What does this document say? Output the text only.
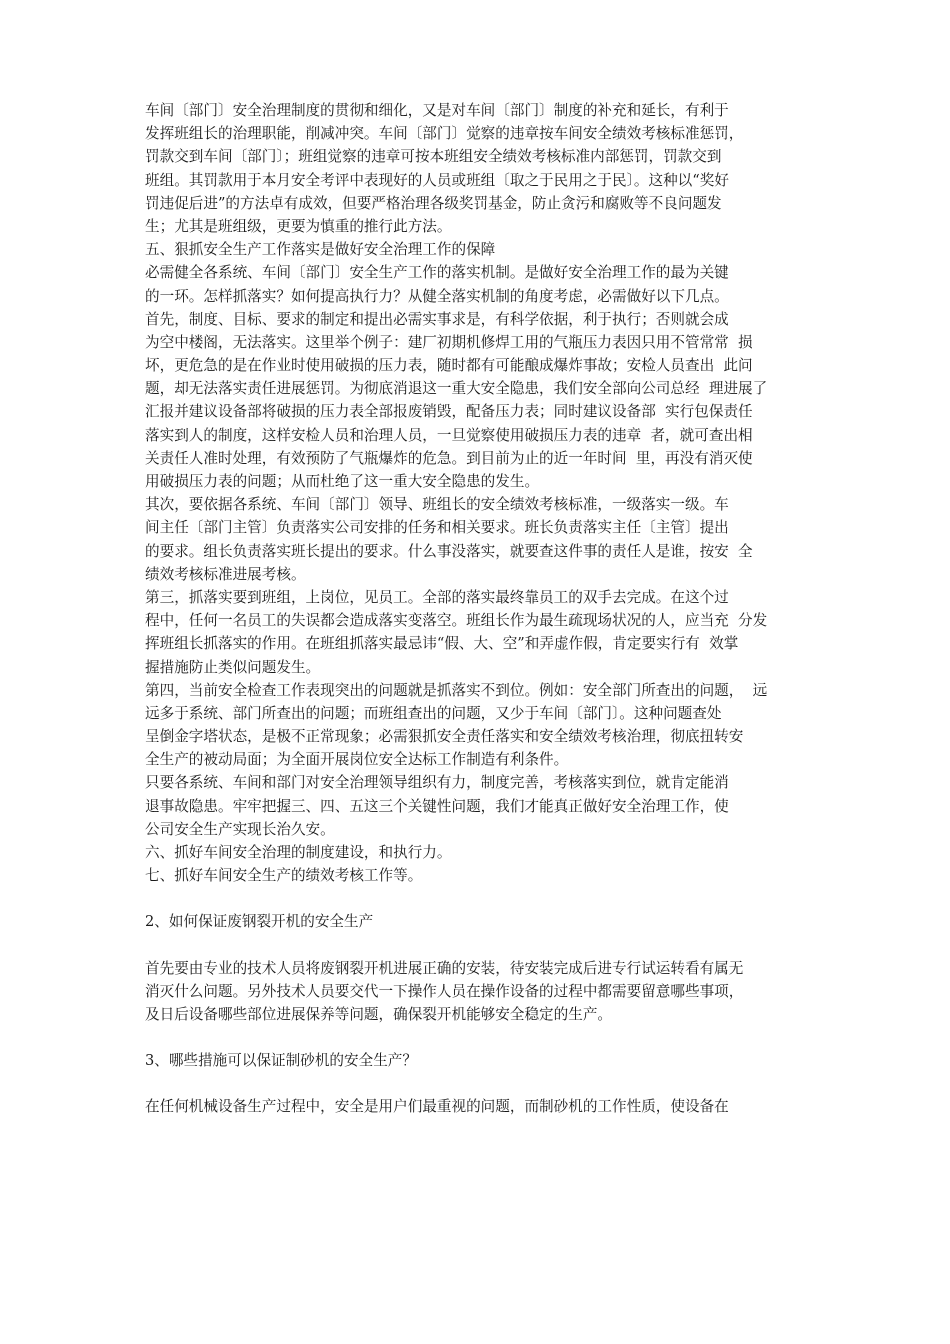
车间〔部门〕安全治理制度的贯彻和细化，又是对车间〔部门〕制度的补充和延长，有利于
发挥班组长的治理职能，削减冲突。车间〔部门〕觉察的违章按车间安全绩效考核标准惩罚，
罚款交到车间〔部门〕；班组觉察的违章可按本班组安全绩效考核标准内部惩罚，罚款交到
班组。其罚款用于本月安全考评中表现好的人员或班组〔取之于民用之于民〕。这种以“奖好
罚违促后进”的方法卓有成效，但要严格治理各级奖罚基金，防止贪污和腐败等不良问题发
生；尤其是班组级，更要为慎重的推行此方法。
五、狠抓安全生产工作落实是做好安全治理工作的保障
必需健全各系统、车间〔部门〕安全生产工作的落实机制。是做好安全治理工作的最为关键
的一环。怎样抓落实？如何提高执行力？从健全落实机制的角度考虑，必需做好以下几点。
首先，制度、目标、要求的制定和提出必需实事求是，有科学依据，利于执行；否则就会成
为空中楼阁，无法落实。这里举个例子：建厂初期机修焊工用的气瓶压力表因只用不管常常  损
坏，更危急的是在作业时使用破损的压力表，随时都有可能酿成爆炸事故；安检人员查出  此问
题，却无法落实责任进展惩罚。为彻底消退这一重大安全隐患，我们安全部向公司总经  理进展了
汇报并建议设备部将破损的压力表全部报废销毁，配备压力表；同时建议设备部  实行包保责任
落实到人的制度，这样安检人员和治理人员，一旦觉察使用破损压力表的违章  者，就可查出相
关责任人准时处理，有效预防了气瓶爆炸的危急。到目前为止的近一年时间  里，再没有消灭使
用破损压力表的问题；从而杜绝了这一重大安全隐患的发生。
其次，要依据各系统、车间〔部门〕领导、班组长的安全绩效考核标准，一级落实一级。车
间主任〔部门主管〕负责落实公司安排的任务和相关要求。班长负责落实主任〔主管〕提出
的要求。组长负责落实班长提出的要求。什么事没落实，就要查这件事的责任人是谁，按安  全
绩效考核标准进展考核。
第三，抓落实要到班组，上岗位，见员工。全部的落实最终靠员工的双手去完成。在这个过
程中，任何一名员工的失误都会造成落实变落空。班组长作为最生疏现场状况的人，应当充  分发
挥班组长抓落实的作用。在班组抓落实最忌讳“假、大、空”和弄虚作假，肯定要实行有  效掌
握措施防止类似问题发生。
第四，当前安全检查工作表现突出的问题就是抓落实不到位。例如：安全部门所查出的问题，  远
远多于系统、部门所查出的问题；而班组查出的问题，又少于车间〔部门〕。这种问题查处
呈倒金字塔状态，是极不正常现象；必需狠抓安全责任落实和安全绩效考核治理，彻底扭转安
全生产的被动局面；为全面开展岗位安全达标工作制造有利条件。
只要各系统、车间和部门对安全治理领导组织有力，制度完善，考核落实到位，就肯定能消
退事故隐患。牢牢把握三、四、五这三个关键性问题，我们才能真正做好安全治理工作，使
公司安全生产实现长治久安。
六、抓好车间安全治理的制度建设，和执行力。
七、抓好车间安全生产的绩效考核工作等。
2、如何保证废钢裂开机的安全生产
首先要由专业的技术人员将废钢裂开机进展正确的安装，待安装完成后进专行试运转看有属无
消灭什么问题。另外技术人员要交代一下操作人员在操作设备的过程中都需要留意哪些事项，
及日后设备哪些部位进展保养等问题，确保裂开机能够安全稳定的生产。
3、哪些措施可以保证制砂机的安全生产？
在任何机械设备生产过程中，安全是用户们最重视的问题，而制砂机的工作性质，使设备在
